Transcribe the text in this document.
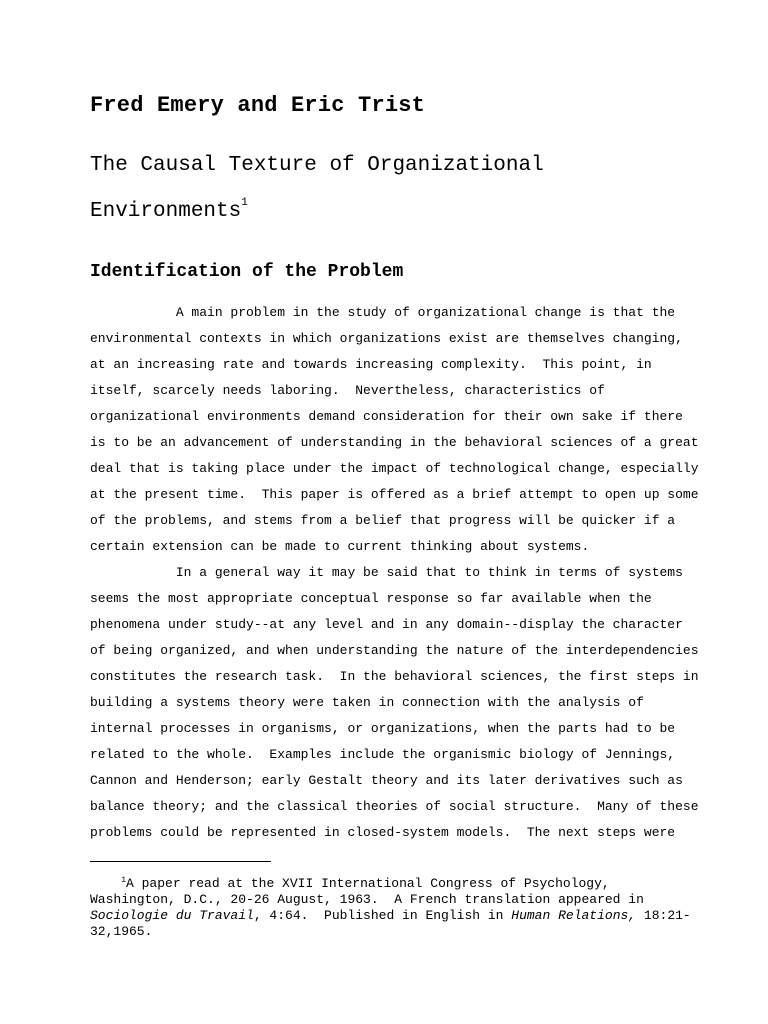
Fred Emery and Eric Trist
The Causal Texture of Organizational
Environments$^1$
Identification of the Problem
A main problem in the study of organizational change is that the
environmental contexts in which organizations exist are themselves changing,
at an increasing rate and towards increasing complexity.  This point, in
itself, scarcely needs laboring.  Nevertheless, characteristics of
organizational environments demand consideration for their own sake if there
is to be an advancement of understanding in the behavioral sciences of a great
deal that is taking place under the impact of technological change, especially
at the present time.  This paper is offered as a brief attempt to open up some
of the problems, and stems from a belief that progress will be quicker if a
certain extension can be made to current thinking about systems.
In a general way it may be said that to think in terms of systems
seems the most appropriate conceptual response so far available when the
phenomena under study--at any level and in any domain--display the character
of being organized, and when understanding the nature of the interdependencies
constitutes the research task.  In the behavioral sciences, the first steps in
building a systems theory were taken in connection with the analysis of
internal processes in organisms, or organizations, when the parts had to be
related to the whole.  Examples include the organismic biology of Jennings,
Cannon and Henderson; early Gestalt theory and its later derivatives such as
balance theory; and the classical theories of social structure.  Many of these
problems could be represented in closed-system models.  The next steps were
$^1$A paper read at the XVII International Congress of Psychology,
Washington, D.C., 20-26 August, 1963.  A French translation appeared in
Sociologie du Travail, 4:64.  Published in English in Human Relations, 18:21-
32,1965.
